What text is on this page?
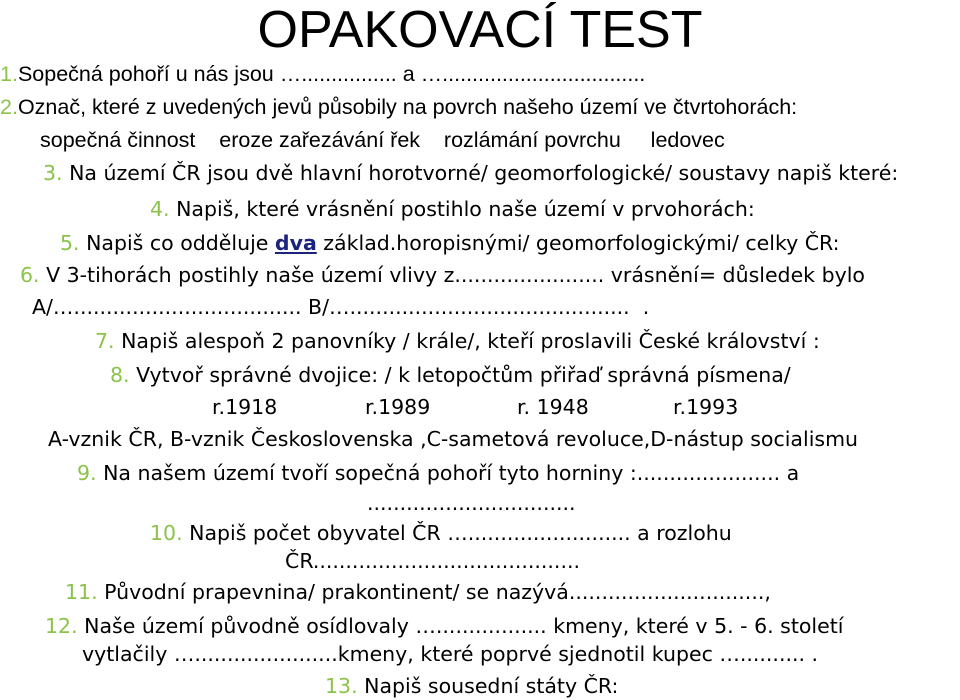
OPAKOVACÍ TEST
1.Sopečná pohoří u nás jsou …................ a …..................................
2.Označ, které z uvedených jevů působily na povrch našeho území ve čtvrtohorách:
sopečná činnost    eroze zařezávání řek    rozlámání povrchu     ledovec
3. Na území ČR jsou dvě hlavní horotvorné/ geomorfologické/ soustavy napiš které:
4. Napiš, které vrásnění postihlo naše území v prvohorách:
5. Napiš co odděluje dva základ.horopisnými/ geomorfologickými/ celky ČR:
6. V 3-tihorách postihly naše území vlivy z....................... vrásnění= důsledek bylo
A/…................................... B/…...........................................  .
7. Napiš alespoň 2 panovníky / krále/, kteří proslavili České království :
8. Vytvoř správné dvojice: / k letopočtům přiřaď správná písmena/
r.1918	r.1989	r. 1948	r.1993
A-vznik ČR, B-vznik Československa ,C-sametová revoluce,D-nástup socialismu
9. Na našem území tvoří sopečná pohoří tyto horniny :...................... a
................................
10. Napiš počet obyvatel ČR …......................... a rozlohu
ČR.........................................
11. Původní prapevnina/ prakontinent/ se nazývá..............................,
12. Naše území původně osídlovaly …................. kmeny, které v 5. - 6. století
vytlačily …......................kmeny, které poprvé sjednotil kupec ….......... .
13. Napiš sousední státy ČR:
